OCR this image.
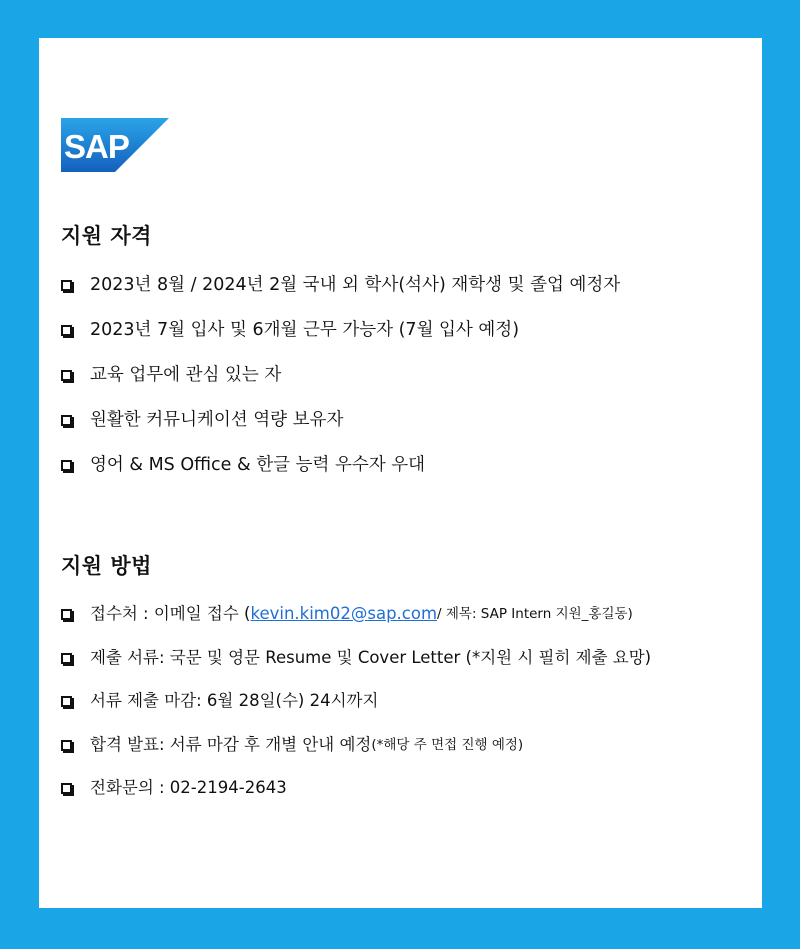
SAP
지원 자격
2023년 8월 / 2024년 2월 국내 외 학사(석사) 재학생 및 졸업 예정자
2023년 7월 입사 및 6개월 근무 가능자 (7월 입사 예정)
교육 업무에 관심 있는 자
원활한 커뮤니케이션 역량 보유자
영어 & MS Office & 한글 능력 우수자 우대
지원 방법
접수처 : 이메일 접수 ( kevin.kim02@sap.com / 제목: SAP Intern 지원_홍길동)
제출 서류: 국문 및 영문 Resume 및 Cover Letter (*지원 시 필히 제출 요망)
서류 제출 마감: 6월 28일(수) 24시까지
합격 발표: 서류 마감 후 개별 안내 예정 (*해당 주 면접 진행 예정)
전화문의 : 02-2194-2643
